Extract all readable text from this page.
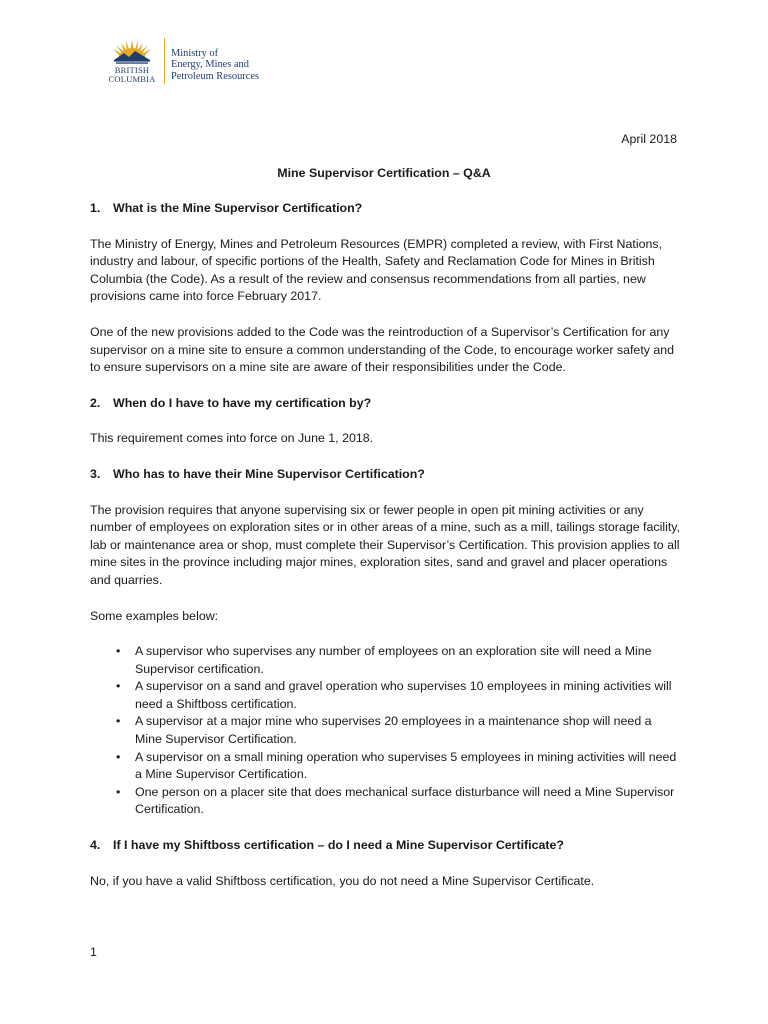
BRITISH
COLUMBIA
Ministry of
Energy, Mines and
Petroleum Resources
April 2018
Mine Supervisor Certification – Q&A
1.	What is the Mine Supervisor Certification?

The Ministry of Energy, Mines and Petroleum Resources (EMPR) completed a review, with First Nations, industry and labour, of specific portions of the Health, Safety and Reclamation Code for Mines in British Columbia (the Code). As a result of the review and consensus recommendations from all parties, new provisions came into force February 2017.

One of the new provisions added to the Code was the reintroduction of a Supervisor’s Certification for any supervisor on a mine site to ensure a common understanding of the Code, to encourage worker safety and to ensure supervisors on a mine site are aware of their responsibilities under the Code.

2.	When do I have to have my certification by?

This requirement comes into force on June 1, 2018.

3.	Who has to have their Mine Supervisor Certification?

The provision requires that anyone supervising six or fewer people in open pit mining activities or any number of employees on exploration sites or in other areas of a mine, such as a mill, tailings storage facility, lab or maintenance area or shop, must complete their Supervisor’s Certification. This provision applies to all mine sites in the province including major mines, exploration sites, sand and gravel and placer operations and quarries.

Some examples below:

• A supervisor who supervises any number of employees on an exploration site will need a Mine Supervisor certification.
• A supervisor on a sand and gravel operation who supervises 10 employees in mining activities will need a Shiftboss certification.
• A supervisor at a major mine who supervises 20 employees in a maintenance shop will need a Mine Supervisor Certification.
• A supervisor on a small mining operation who supervises 5 employees in mining activities will need a Mine Supervisor Certification.
• One person on a placer site that does mechanical surface disturbance will need a Mine Supervisor Certification.
4.	If I have my Shiftboss certification – do I need a Mine Supervisor Certificate?

No, if you have a valid Shiftboss certification, you do not need a Mine Supervisor Certificate.

1
